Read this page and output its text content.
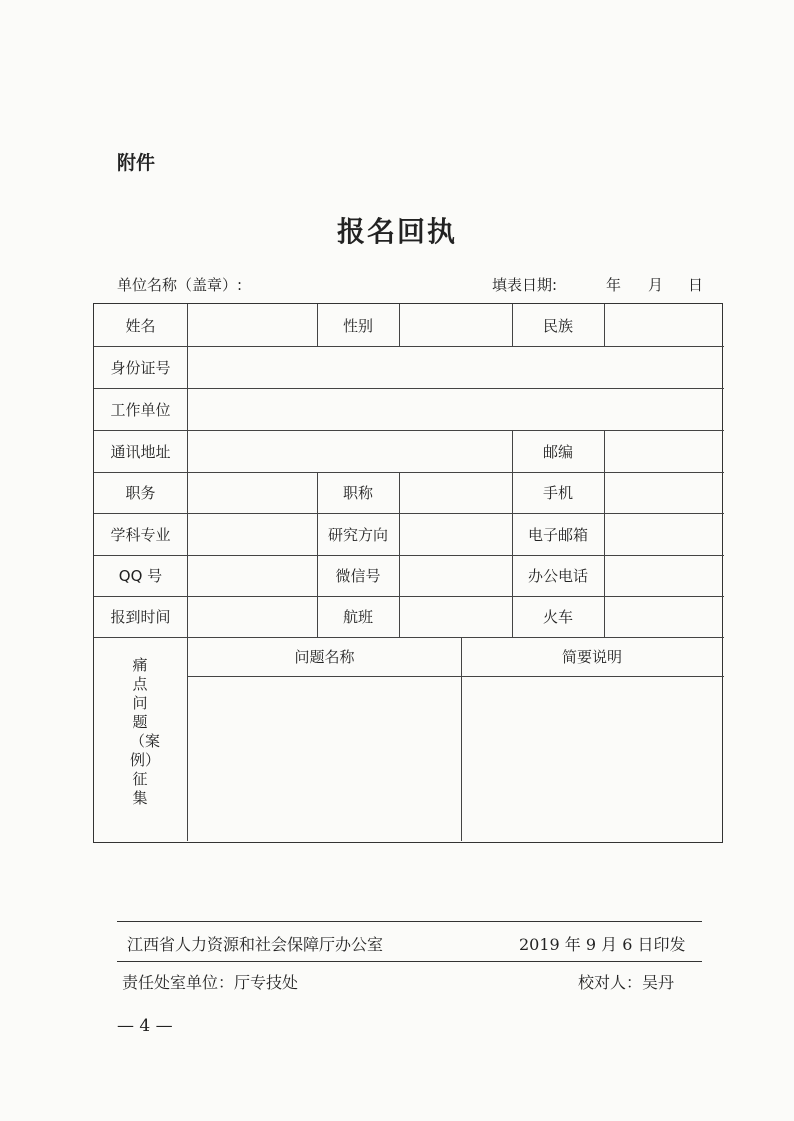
附件
报名回执
单位名称（盖章）:	填表日期:	年 月 日
姓名	性别	民族
身份证号
工作单位
通讯地址	邮编
职务	职称	手机
学科专业	研究方向	电子邮箱
QQ 号	微信号	办公电话
报到时间	航班	火车
痛点问题（案例）征集
问题名称	简要说明
江西省人力资源和社会保障厅办公室	2019 年 9 月 6 日印发
责任处室单位：厅专技处	校对人：吴丹
— 4 —
